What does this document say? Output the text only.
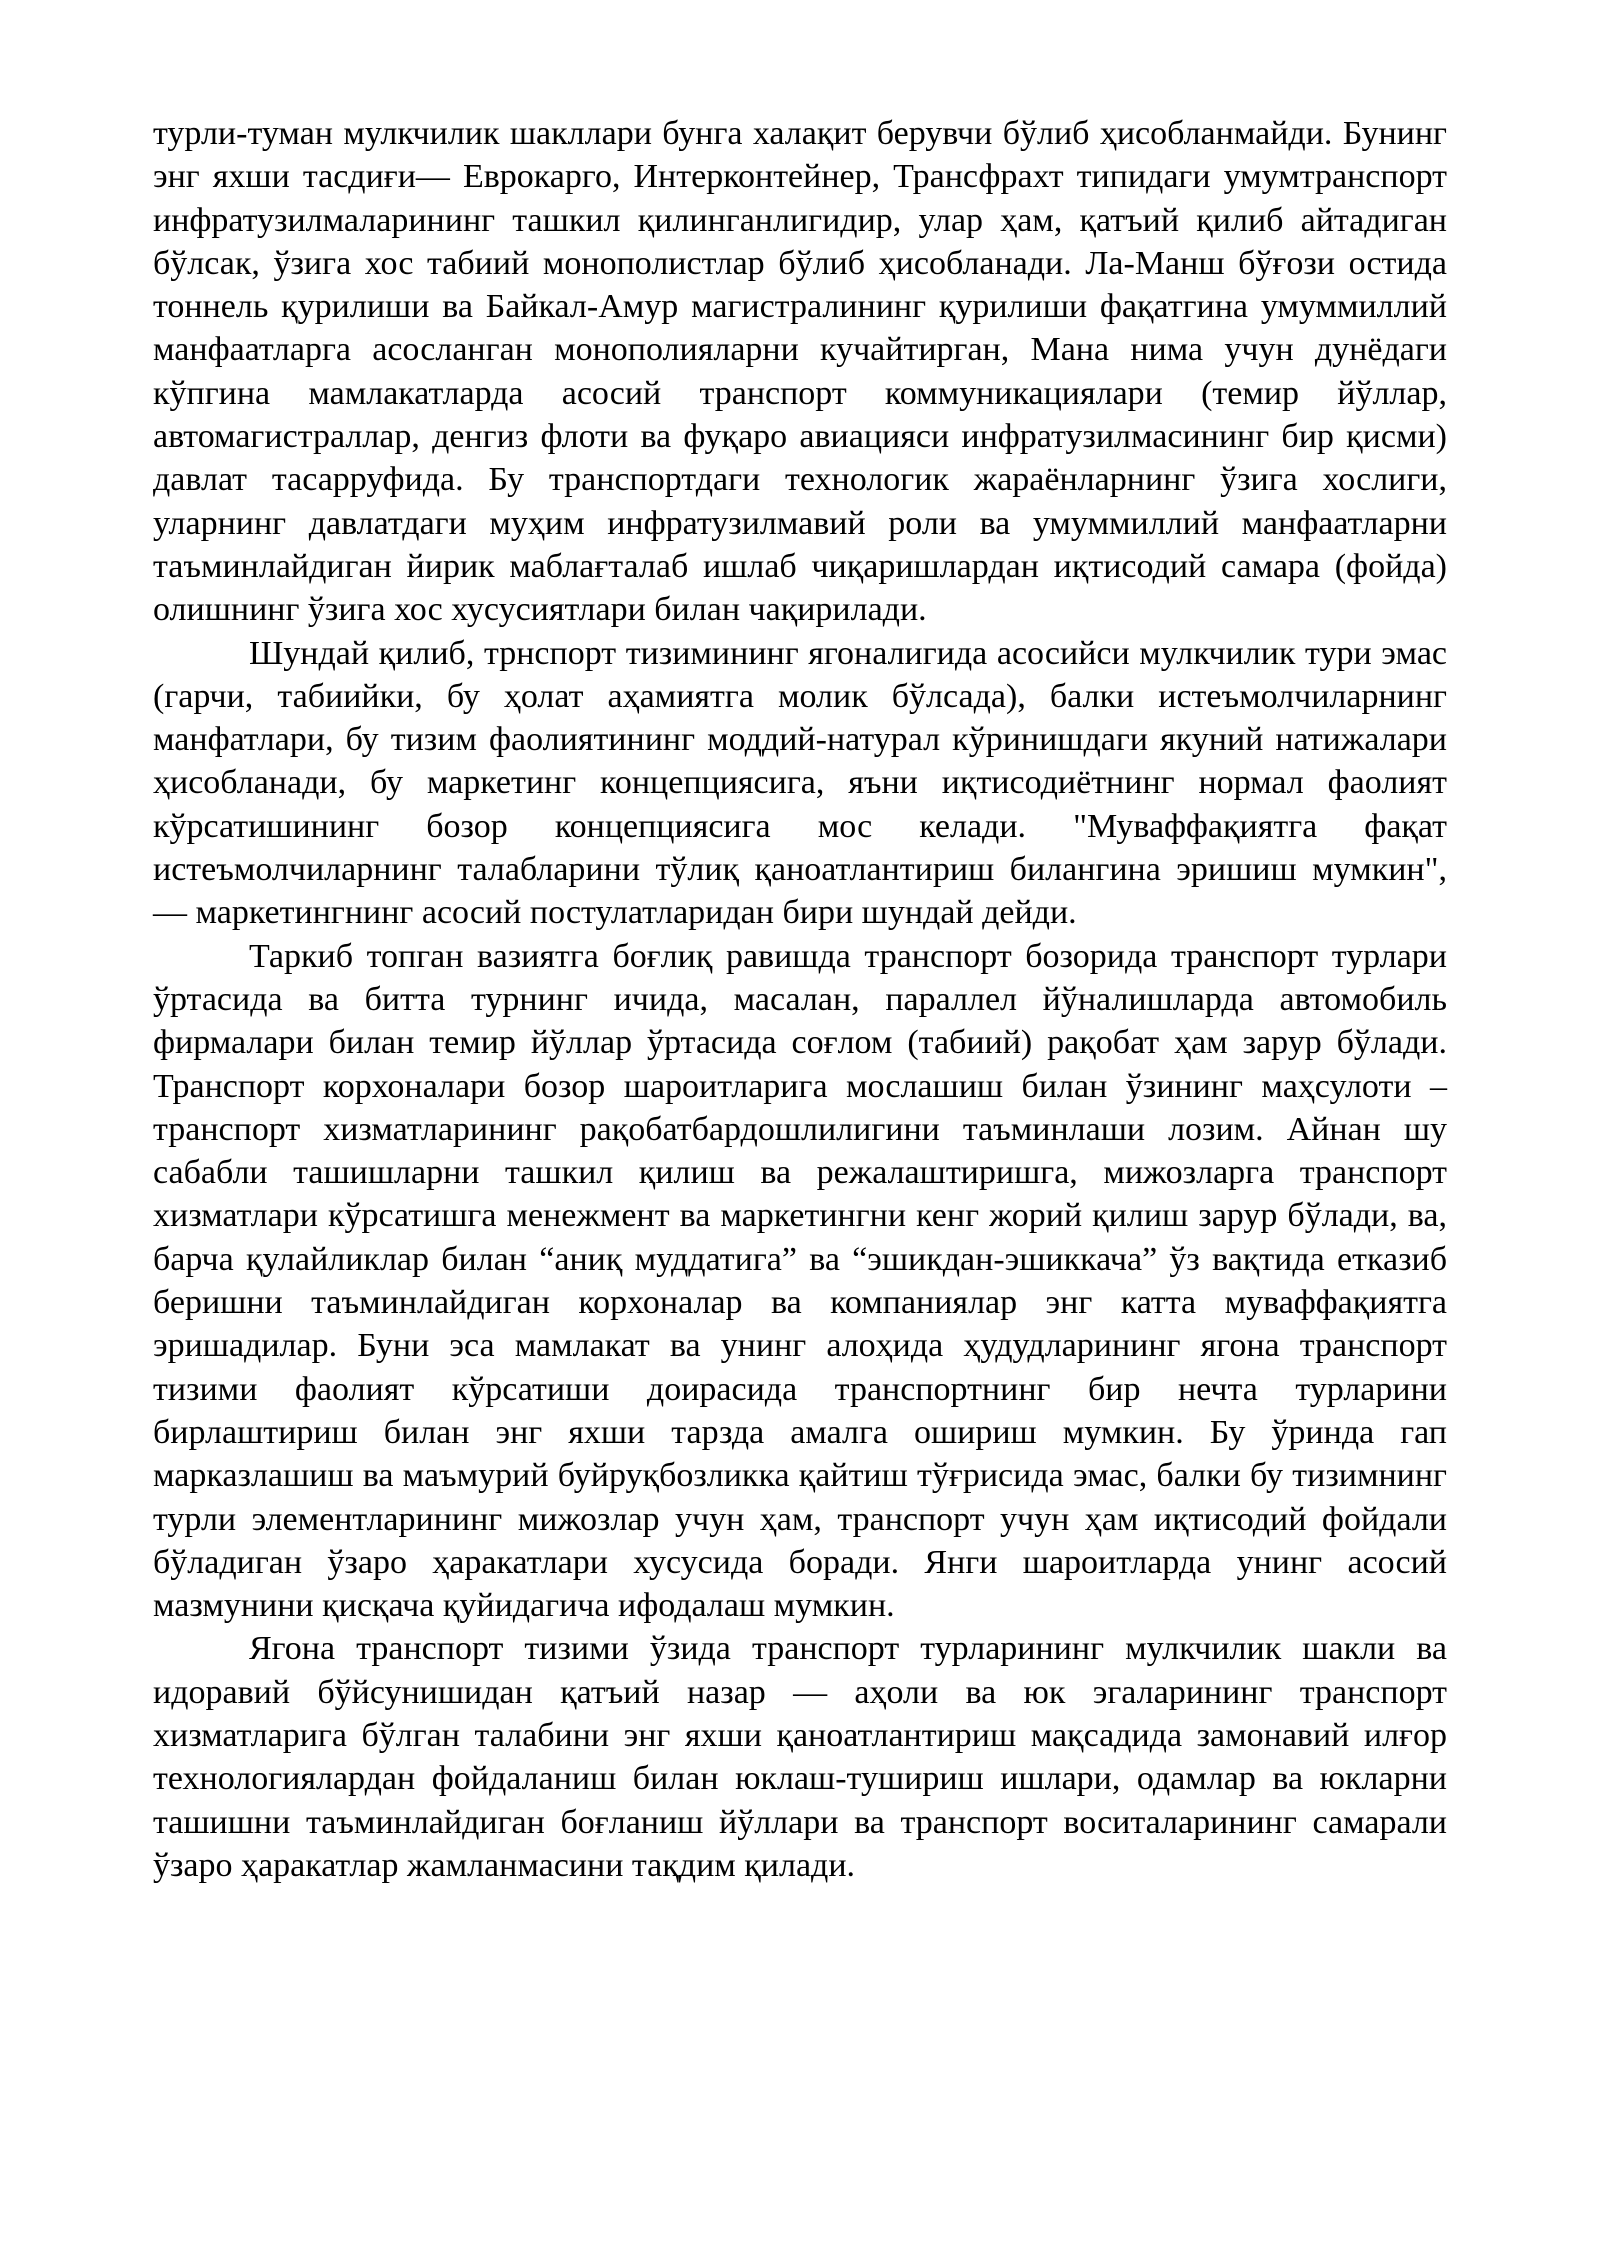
турли-туман мулкчилик шакллари бунга халақит берувчи бўлиб ҳисобланмайди. Бунинг энг яхши тасдиғи— Еврокарго, Интерконтейнер, Трансфрахт типидаги умумтранспорт инфратузилмаларининг ташкил қилинганлигидир, улар ҳам, қатъий қилиб айтадиган бўлсак, ўзига хос табиий монополистлар бўлиб ҳисобланади. Ла-Манш бўғози остида тоннель қурилиши ва Байкал-Амур магистралининг қурилиши фақатгина умуммиллий манфаатларга асосланган монополияларни кучайтирган, Мана нима учун дунёдаги кўпгина мамлакатларда асосий транспорт коммуникациялари (темир йўллар, автомагистраллар, денгиз флоти ва фуқаро авиацияси инфратузилмасининг бир қисми) давлат тасарруфида. Бу транспортдаги технологик жараёнларнинг ўзига хослиги, уларнинг давлатдаги муҳим инфратузилмавий роли ва умуммиллий манфаатларни таъминлайдиган йирик маблағталаб ишлаб чиқаришлардан иқтисодий самара (фойда) олишнинг ўзига хос хусусиятлари билан чақирилади.

Шундай қилиб, трнспорт тизимининг ягоналигида асосийси мулкчилик тури эмас (гарчи, табиийки, бу ҳолат аҳамиятга молик бўлсада), балки истеъмолчиларнинг манфатлари, бу тизим фаолиятининг моддий-натурал кўринишдаги якуний натижалари ҳисобланади, бу маркетинг концепциясига, яъни иқтисодиётнинг нормал фаолият кўрсатишининг бозор концепциясига мос келади. "Муваффақиятга фақат истеъмолчиларнинг талабларини тўлиқ қаноатлантириш билангина эришиш мумкин", — маркетингнинг асосий постулатларидан бири шундай дейди.

Таркиб топган вазиятга боғлиқ равишда транспорт бозорида транспорт турлари ўртасида ва битта турнинг ичида, масалан, параллел йўналишларда автомобиль фирмалари билан темир йўллар ўртасида соғлом (табиий) рақобат ҳам зарур бўлади. Транспорт корхоналари бозор шароитларига мослашиш билан ўзининг маҳсулоти – транспорт хизматларининг рақобатбардошлилигини таъминлаши лозим. Айнан шу сабабли ташишларни ташкил қилиш ва режалаштиришга, мижозларга транспорт хизматлари кўрсатишга менежмент ва маркетингни кенг жорий қилиш зарур бўлади, ва, барча қулайликлар билан “аниқ муддатига” ва “эшикдан-эшиккача” ўз вақтида етказиб беришни таъминлайдиган корхоналар ва компаниялар энг катта муваффақиятга эришадилар. Буни эса мамлакат ва унинг алоҳида ҳудудларининг ягона транспорт тизими фаолият кўрсатиши доирасида транспортнинг бир нечта турларини бирлаштириш билан энг яхши тарзда амалга ошириш мумкин. Бу ўринда гап марказлашиш ва маъмурий буйруқбозликка қайтиш тўғрисида эмас, балки бу тизимнинг турли элементларининг мижозлар учун ҳам, транспорт учун ҳам иқтисодий фойдали бўладиган ўзаро ҳаракатлари хусусида боради. Янги шароитларда унинг асосий мазмунини қисқача қуйидагича ифодалаш мумкин.

Ягона транспорт тизими ўзида транспорт турларининг мулкчилик шакли ва идоравий бўйсунишидан қатъий назар — аҳоли ва юк эгаларининг транспорт хизматларига бўлган талабини энг яхши қаноатлантириш мақсадида замонавий илғор технологиялардан фойдаланиш билан юклаш-тушириш ишлари, одамлар ва юкларни ташишни таъминлайдиган боғланиш йўллари ва транспорт воситаларининг самарали ўзаро ҳаракатлар жамланмасини тақдим қилади.
